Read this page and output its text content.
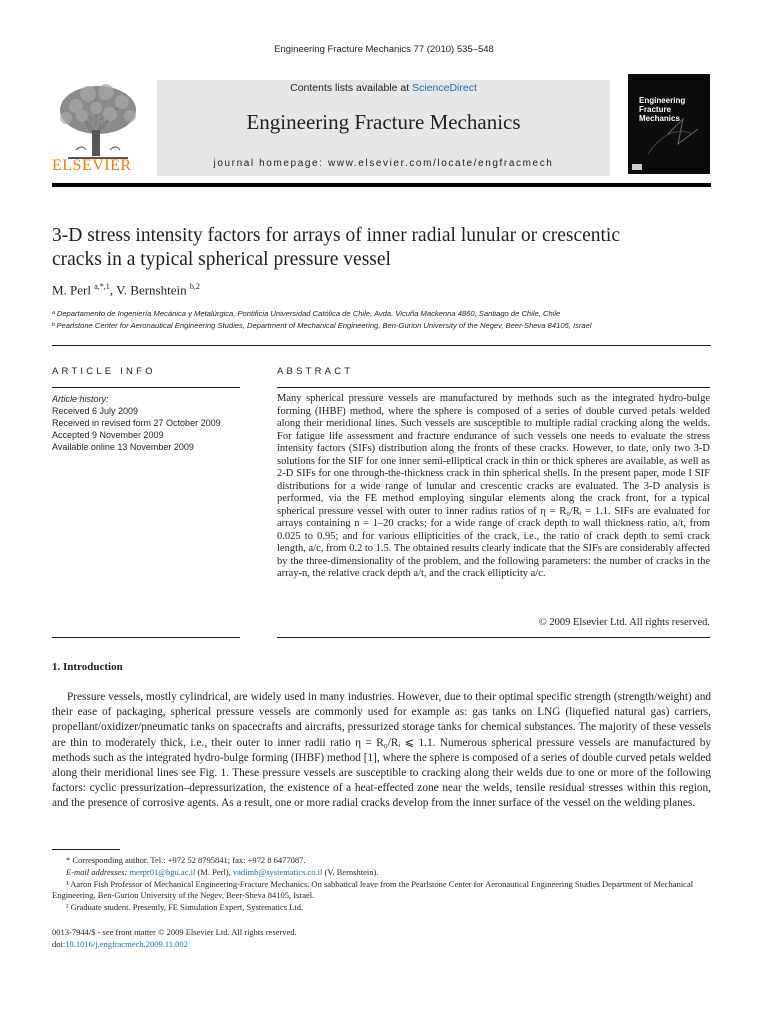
Engineering Fracture Mechanics 77 (2010) 535–548
ELSEVIER
Contents lists available at ScienceDirect
Engineering Fracture Mechanics
journal homepage: www.elsevier.com/locate/engfracmech
Engineering Fracture Mechanics
3-D stress intensity factors for arrays of inner radial lunular or crescentic
cracks in a typical spherical pressure vessel
M. Perl $^{a,*,1}$, V. Bernshtein $^{b,2}$
ᵃ Departamento de Ingeniería Mecánica y Metalúrgica, Pontificia Universidad Católica de Chile, Avda. Vicuña Mackenna 4860, Santiago de Chile, Chile
ᵇ Pearlstone Center for Aeronautical Engineering Studies, Department of Mechanical Engineering, Ben-Gurion University of the Negev, Beer-Sheva 84105, Israel
ARTICLE INFO
Article history:
Received 6 July 2009
Received in revised form 27 October 2009
Accepted 9 November 2009
Available online 13 November 2009
ABSTRACT
Many spherical pressure vessels are manufactured by methods such as the integrated hydro-bulge forming (IHBF) method, where the sphere is composed of a series of double curved petals welded along their meridional lines. Such vessels are susceptible to multiple radial cracking along the welds. For fatigue life assessment and fracture endurance of such vessels one needs to evaluate the stress intensity factors (SIFs) distribution along the fronts of these cracks. However, to date, only two 3-D solutions for the SIF for one inner semi-elliptical crack in thin or thick spheres are available, as well as 2-D SIFs for one through-the-thickness crack in thin spherical shells. In the present paper, mode I SIF distributions for a wide range of lunular and crescentic cracks are evaluated. The 3-D analysis is performed, via the FE method employing singular elements along the crack front, for a typical spherical pressure vessel with outer to inner radius ratios of η = R₀/Rᵢ = 1.1. SIFs are evaluated for arrays containing n = 1–20 cracks; for a wide range of crack depth to wall thickness ratio, a/t, from 0.025 to 0.95; and for various ellipticities of the crack, i.e., the ratio of crack depth to semi crack length, a/c, from 0.2 to 1.5. The obtained results clearly indicate that the SIFs are considerably affected by the three-dimensionality of the problem, and the following parameters: the number of cracks in the array-n, the relative crack depth a/t, and the crack ellipticity a/c.
© 2009 Elsevier Ltd. All rights reserved.
1. Introduction

Pressure vessels, mostly cylindrical, are widely used in many industries. However, due to their optimal specific strength (strength/weight) and their ease of packaging, spherical pressure vessels are commonly used for example as: gas tanks on LNG (liquefied natural gas) carriers, propellant/oxidizer/pneumatic tanks on spacecrafts and aircrafts, pressurized storage tanks for chemical substances. The majority of these vessels are thin to moderately thick, i.e., their outer to inner radii ratio η = R₀/Rᵢ ⩽ 1.1. Numerous spherical pressure vessels are manufactured by methods such as the integrated hydro-bulge forming (IHBF) method [1], where the sphere is composed of a series of double curved petals welded along their meridional lines see Fig. 1. These pressure vessels are susceptible to cracking along their welds due to one or more of the following factors: cyclic pressurization–depressurization, the existence of a heat-effected zone near the welds, tensile residual stresses within this region, and the presence of corrosive agents. As a result, one or more radial cracks develop from the inner surface of the vessel on the welding planes.

* Corresponding author. Tel.: +972 52 8795841; fax: +972 8 6477087.
E-mail addresses: merpr01@bgu.ac.il (M. Perl), vadimb@systematics.co.il (V. Bernshtein).
¹ Aaron Fish Professor of Mechanical Engineering-Fracture Mechanics. On sabbatical leave from the Pearlstone Center for Aeronautical Engineering Studies Department of Mechanical Engineering, Ben-Gurion University of the Negev, Beer-Sheva 84105, Israel.
² Graduate student. Presently, FE Simulation Expert, Systematics Ltd.
0013-7944/$ - see front matter © 2009 Elsevier Ltd. All rights reserved.
doi:10.1016/j.engfracmech.2009.11.002
